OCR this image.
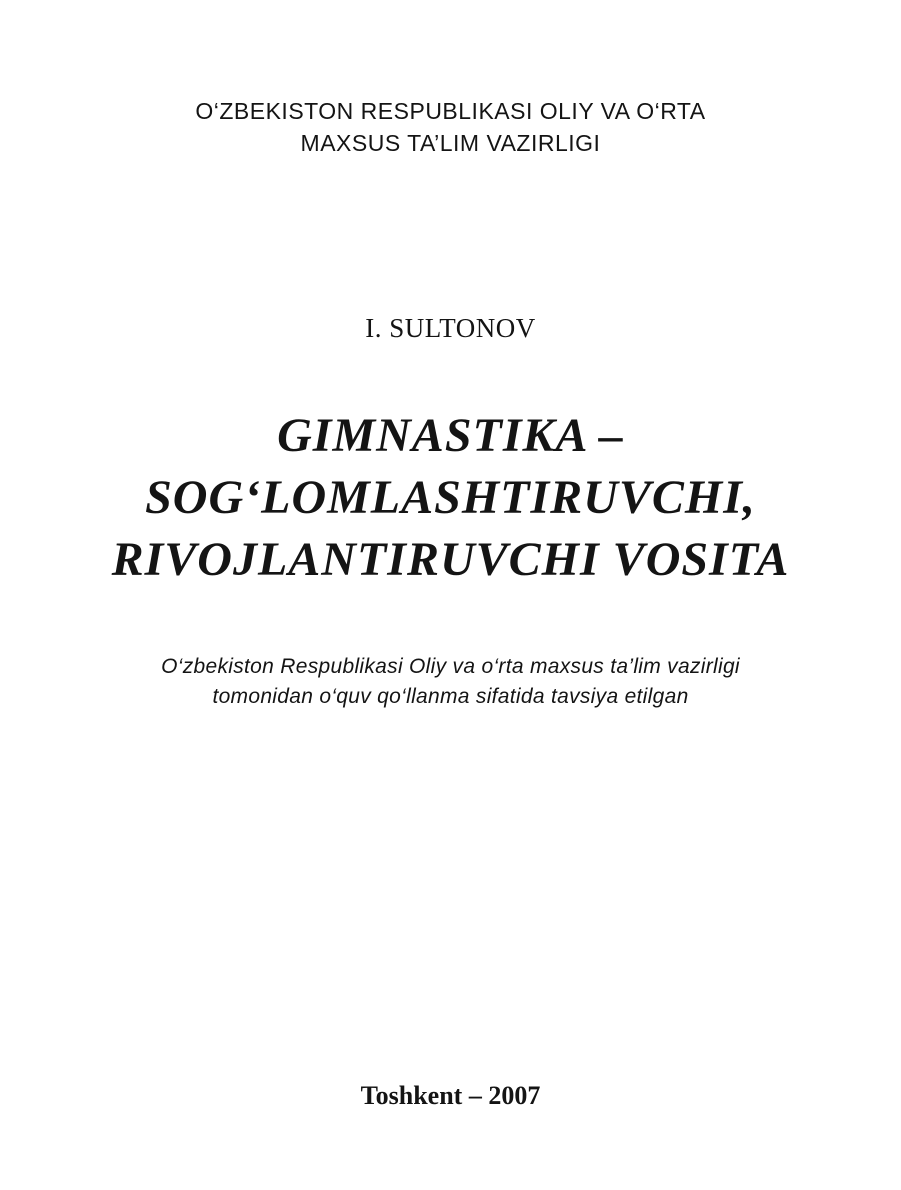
O‘ZBEKISTON RESPUBLIKASI OLIY VA O‘RTA

MAXSUS TA’LIM VAZIRLIGI

I. SULTONOV

GIMNASTIKA –
SOG‘LOMLASHTIRUVCHI,
RIVOJLANTIRUVCHI VOSITA

O‘zbekiston Respublikasi Oliy va o‘rta maxsus ta’lim vazirligi

tomonidan o‘quv qo‘llanma sifatida tavsiya etilgan

Toshkent – 2007
